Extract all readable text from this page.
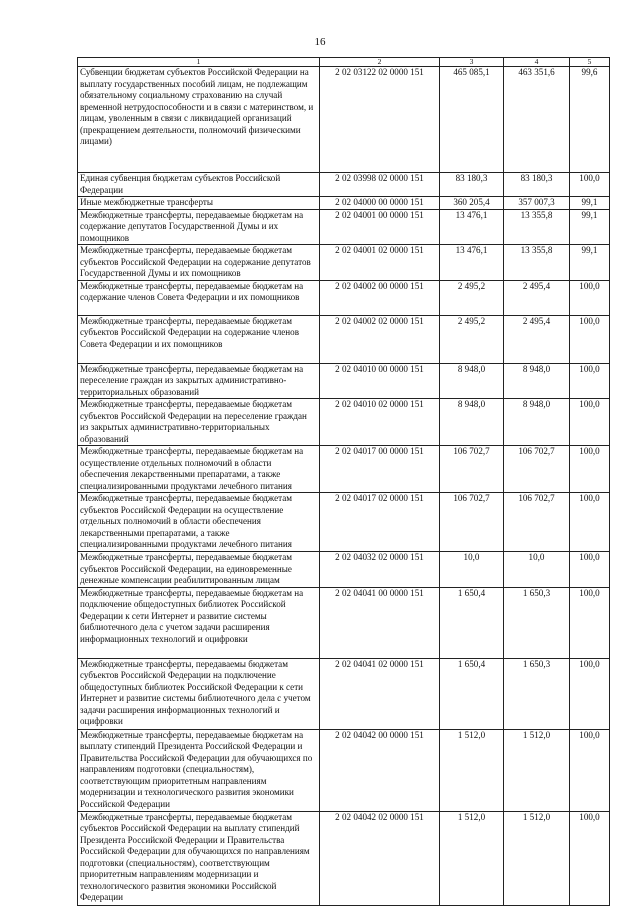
16
1	2	3	4	5
Субвенции бюджетам субъектов Российской Федерации на выплату государственных пособий лицам, не подлежащим обязательному социальному страхованию на случай временной нетрудоспособности и в связи с материнством, и лицам, уволенным в связи с ликвидацией организаций (прекращением деятельности, полномочий физическими лицами)	2 02 03122 02 0000 151	465 085,1	463 351,6	99,6
Единая субвенция бюджетам субъектов Российской Федерации	2 02 03998 02 0000 151	83 180,3	83 180,3	100,0
Иные межбюджетные трансферты	2 02 04000 00 0000 151	360 205,4	357 007,3	99,1
Межбюджетные трансферты, передаваемые бюджетам на содержание депутатов Государственной Думы и их помощников	2 02 04001 00 0000 151	13 476,1	13 355,8	99,1
Межбюджетные трансферты, передаваемые бюджетам субъектов Российской Федерации на содержание депутатов Государственной Думы и их помощников	2 02 04001 02 0000 151	13 476,1	13 355,8	99,1
Межбюджетные трансферты, передаваемые бюджетам на содержание членов Совета Федерации и их помощников	2 02 04002 00 0000 151	2 495,2	2 495,4	100,0
Межбюджетные трансферты, передаваемые бюджетам субъектов Российской Федерации на содержание членов Совета Федерации и их помощников	2 02 04002 02 0000 151	2 495,2	2 495,4	100,0
Межбюджетные трансферты, передаваемые бюджетам на переселение граждан из закрытых административно-территориальных образований	2 02 04010 00 0000 151	8 948,0	8 948,0	100,0
Межбюджетные трансферты, передаваемые бюджетам субъектов Российской Федерации на переселение граждан из закрытых административно-территориальных образований	2 02 04010 02 0000 151	8 948,0	8 948,0	100,0
Межбюджетные трансферты, передаваемые бюджетам на осуществление отдельных полномочий в области обеспечения лекарственными препаратами, а также специализированными продуктами лечебного питания	2 02 04017 00 0000 151	106 702,7	106 702,7	100,0
Межбюджетные трансферты, передаваемые бюджетам субъектов Российской Федерации на осуществление отдельных полномочий в области обеспечения лекарственными препаратами, а также специализированными продуктами лечебного питания	2 02 04017 02 0000 151	106 702,7	106 702,7	100,0
Межбюджетные трансферты, передаваемые бюджетам субъектов Российской Федерации, на единовременные денежные компенсации реабилитированным лицам	2 02 04032 02 0000 151	10,0	10,0	100,0
Межбюджетные трансферты, передаваемые бюджетам на подключение общедоступных библиотек Российской Федерации к сети Интернет и развитие системы библиотечного дела с учетом задачи расширения информационных технологий и оцифровки	2 02 04041 00 0000 151	1 650,4	1 650,3	100,0
Межбюджетные трансферты, передаваемы бюджетам субъектов Российской Федерации на подключение общедоступных библиотек Российской Федерации к сети Интернет и развитие системы библиотечного дела с учетом задачи расширения информационных технологий и оцифровки	2 02 04041 02 0000 151	1 650,4	1 650,3	100,0
Межбюджетные трансферты, передаваемые бюджетам на выплату стипендий Президента Российской Федерации и Правительства Российской Федерации для обучающихся по направлениям подготовки (специальностям), соответствующим приоритетным направлениям модернизации и технологического развития экономики Российской Федерации	2 02 04042 00 0000 151	1 512,0	1 512,0	100,0
Межбюджетные трансферты, передаваемые бюджетам субъектов Российской Федерации на выплату стипендий Президента Российской Федерации и Правительства Российской Федерации для обучающихся по направлениям подготовки (специальностям), соответствующим приоритетным направлениям модернизации и технологического развития экономики Российской Федерации	2 02 04042 02 0000 151	1 512,0	1 512,0	100,0
